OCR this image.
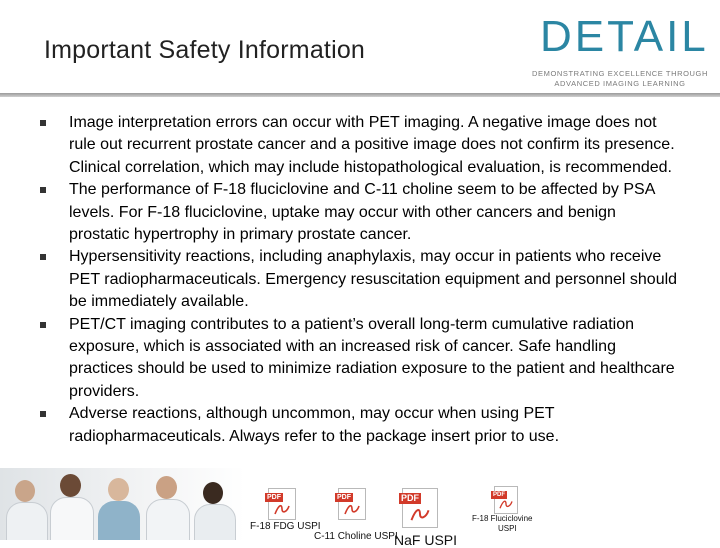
Important Safety Information	DETAIL
DEMONSTRATING EXCELLENCE THROUGH
ADVANCED IMAGING LEARNING
Image interpretation errors can occur with PET imaging. A negative image does not rule out recurrent prostate cancer and a positive image does not confirm its presence. Clinical correlation, which may include histopathological evaluation, is recommended.
The performance of F-18 fluciclovine and C-11 choline seem to be affected by PSA levels. For F-18 fluciclovine, uptake may occur with other cancers and benign prostatic hypertrophy in primary prostate cancer.
Hypersensitivity reactions, including anaphylaxis, may occur in patients who receive PET radiopharmaceuticals. Emergency resuscitation equipment and personnel should be immediately available.
PET/CT imaging contributes to a patient’s overall long-term cumulative radiation exposure, which is associated with an increased risk of cancer. Safe handling practices should be used to minimize radiation exposure to the patient and healthcare providers.
Adverse reactions, although uncommon, may occur when using PET radiopharmaceuticals. Always refer to the package insert prior to use.
PDF
F-18 FDG USPI
PDF
C-11 Choline USPI
PDF
NaF USPI
PDF
F-18 Fluciclovine
USPI
